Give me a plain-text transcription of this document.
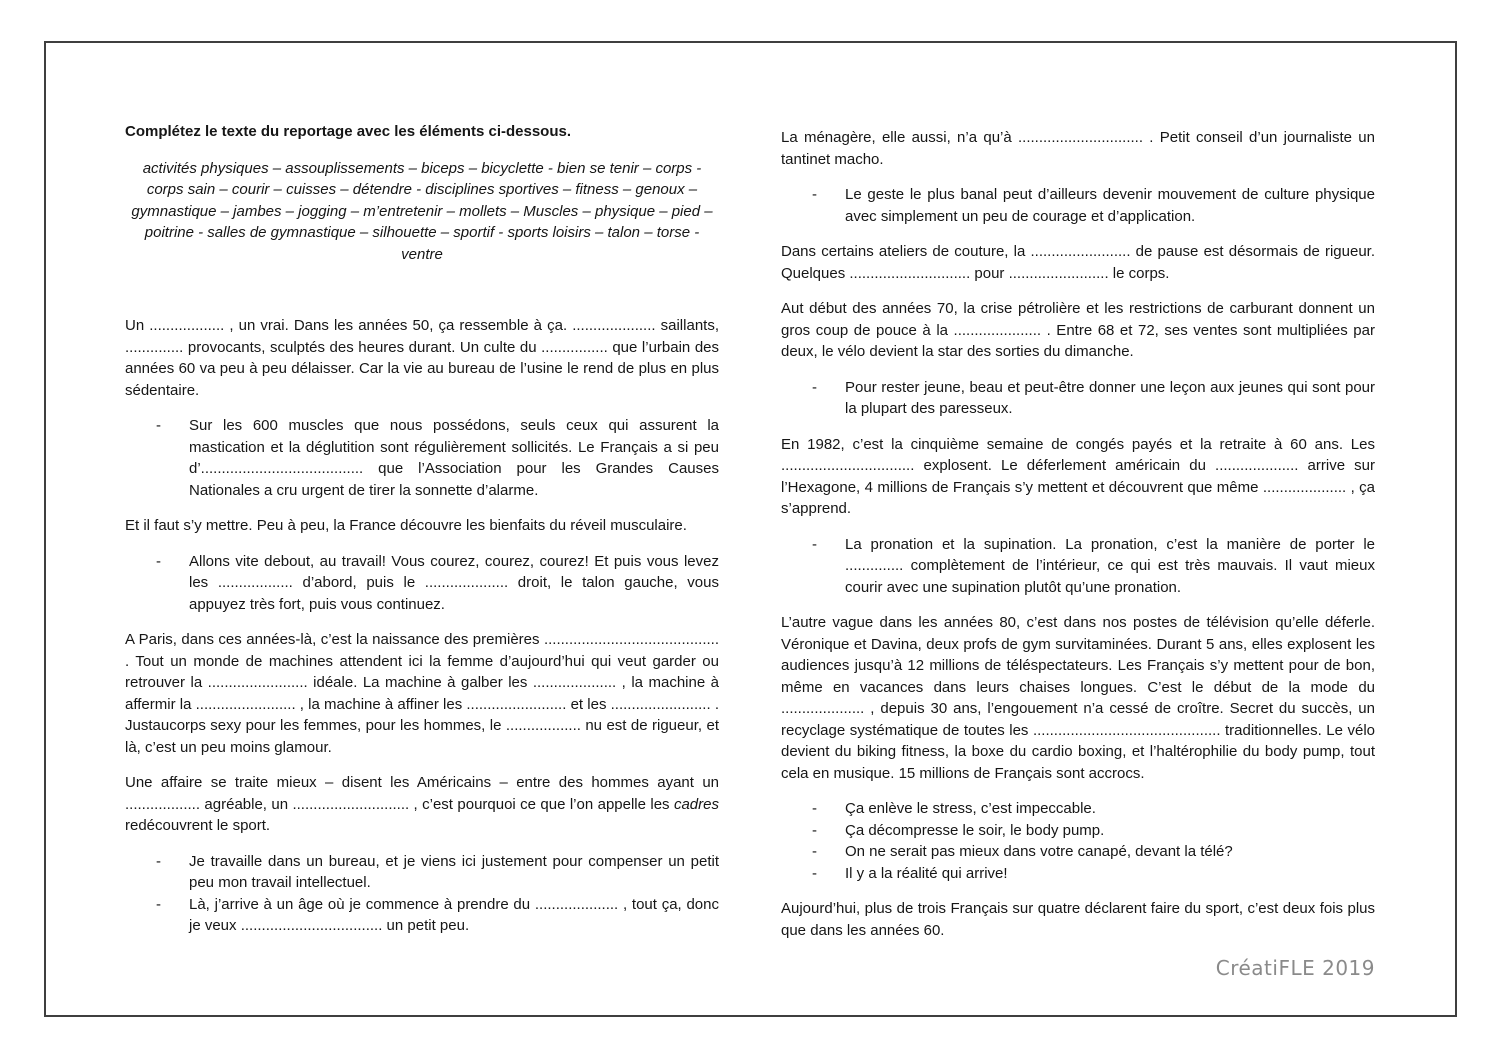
Complétez le texte du reportage avec les éléments ci-dessous.

activités physiques – assouplissements – biceps – bicyclette - bien se tenir – corps - corps sain – courir – cuisses – détendre - disciplines sportives – fitness – genoux – gymnastique – jambes – jogging – m’entretenir – mollets – Muscles – physique – pied – poitrine - salles de gymnastique – silhouette – sportif - sports loisirs – talon – torse - ventre

Un .................. , un vrai. Dans les années 50, ça ressemble à ça. .................... saillants, .............. provocants, sculptés des heures durant. Un culte du ................ que l’urbain des années 60 va peu à peu délaisser. Car la vie au bureau de l’usine le rend de plus en plus sédentaire.

- Sur les 600 muscles que nous possédons, seuls ceux qui assurent la mastication et la déglutition sont régulièrement sollicités. Le Français a si peu d’....................................... que l’Association pour les Grandes Causes Nationales a cru urgent de tirer la sonnette d’alarme.

Et il faut s’y mettre. Peu à peu, la France découvre les bienfaits du réveil musculaire.

- Allons vite debout, au travail! Vous courez, courez, courez! Et puis vous levez les .................. d’abord, puis le .................... droit, le talon gauche, vous appuyez très fort, puis vous continuez.

A Paris, dans ces années-là, c’est la naissance des premières .......................................... . Tout un monde de machines attendent ici la femme d’aujourd’hui qui veut garder ou retrouver la ........................ idéale. La machine à galber les .................... , la machine à affermir la ........................ , la machine à affiner les ........................ et les ........................ . Justaucorps sexy pour les femmes, pour les hommes, le .................. nu est de rigueur, et là, c’est un peu moins glamour.

Une affaire se traite mieux – disent les Américains – entre des hommes ayant un .................. agréable, un ............................ , c’est pourquoi ce que l’on appelle les cadres redécouvrent le sport.

- Je travaille dans un bureau, et je viens ici justement pour compenser un petit peu mon travail intellectuel.
- Là, j’arrive à un âge où je commence à prendre du .................... , tout ça, donc je veux .................................. un petit peu.

La ménagère, elle aussi, n’a qu’à .............................. . Petit conseil d’un journaliste un tantinet macho.

- Le geste le plus banal peut d’ailleurs devenir mouvement de culture physique avec simplement un peu de courage et d’application.

Dans certains ateliers de couture, la ........................ de pause est désormais de rigueur. Quelques ............................. pour ........................ le corps.

Aut début des années 70, la crise pétrolière et les restrictions de carburant donnent un gros coup de pouce à la ..................... . Entre 68 et 72, ses ventes sont multipliées par deux, le vélo devient la star des sorties du dimanche.

- Pour rester jeune, beau et peut-être donner une leçon aux jeunes qui sont pour la plupart des paresseux.

En 1982, c’est la cinquième semaine de congés payés et la retraite à 60 ans. Les ................................ explosent. Le déferlement américain du .................... arrive sur l’Hexagone, 4 millions de Français s’y mettent et découvrent que même .................... , ça s’apprend.

- La pronation et la supination. La pronation, c’est la manière de porter le .............. complètement de l’intérieur, ce qui est très mauvais. Il vaut mieux courir avec une supination plutôt qu’une pronation.

L’autre vague dans les années 80, c’est dans nos postes de télévision qu’elle déferle. Véronique et Davina, deux profs de gym survitaminées. Durant 5 ans, elles explosent les audiences jusqu’à 12 millions de téléspectateurs. Les Français s’y mettent pour de bon, même en vacances dans leurs chaises longues. C’est le début de la mode du .................... , depuis 30 ans, l’engouement n’a cessé de croître. Secret du succès, un recyclage systématique de toutes les ............................................. traditionnelles. Le vélo devient du biking fitness, la boxe du cardio boxing, et l’haltérophilie du body pump, tout cela en musique. 15 millions de Français sont accrocs.

- Ça enlève le stress, c’est impeccable.
- Ça décompresse le soir, le body pump.
- On ne serait pas mieux dans votre canapé, devant la télé?
- Il y a la réalité qui arrive!

Aujourd’hui, plus de trois Français sur quatre déclarent faire du sport, c’est deux fois plus que dans les années 60.

CréatiFLE 2019
